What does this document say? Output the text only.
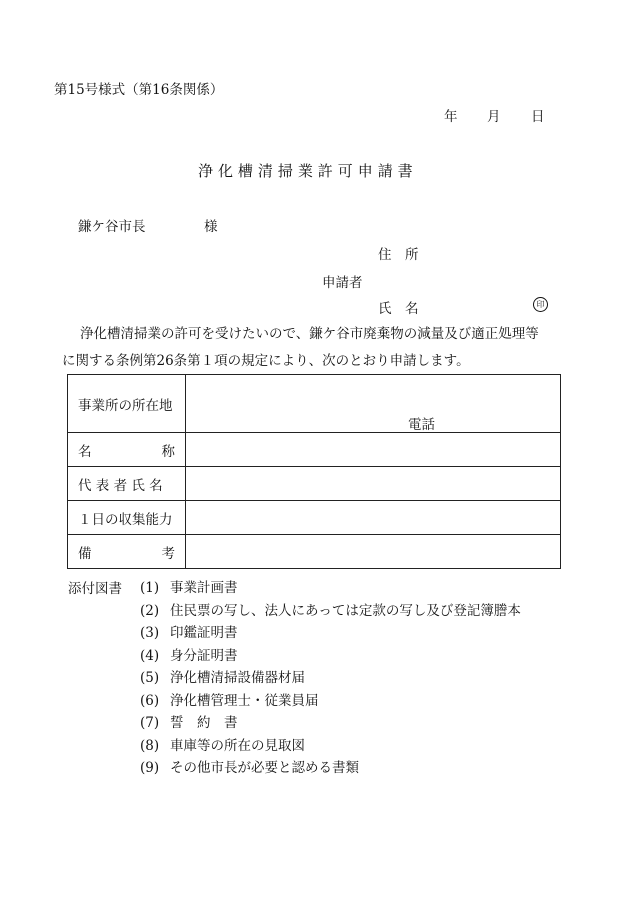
第15号様式（第16条関係）
年 月 日
浄 化 槽 清 掃 業 許 可 申 請 書
鎌ケ谷市長	様
住　所
申請者
氏　名	印
浄化槽清掃業の許可を受けたいので、鎌ケ谷市廃棄物の減量及び適正処理等
に関する条例第26条第１項の規定により、次のとおり申請します。
事業所の所在地	電話

名 称	

代 表 者 氏 名	
１日の収集能力	

備 考	

添付図書 (1) 事業計画書
(2) 住民票の写し、法人にあっては定款の写し及び登記簿謄本
(3) 印鑑証明書
(4) 身分証明書
(5) 浄化槽清掃設備器材届
(6) 浄化槽管理士・従業員届
(7) 誓　約　書
(8) 車庫等の所在の見取図
(9) その他市長が必要と認める書類
